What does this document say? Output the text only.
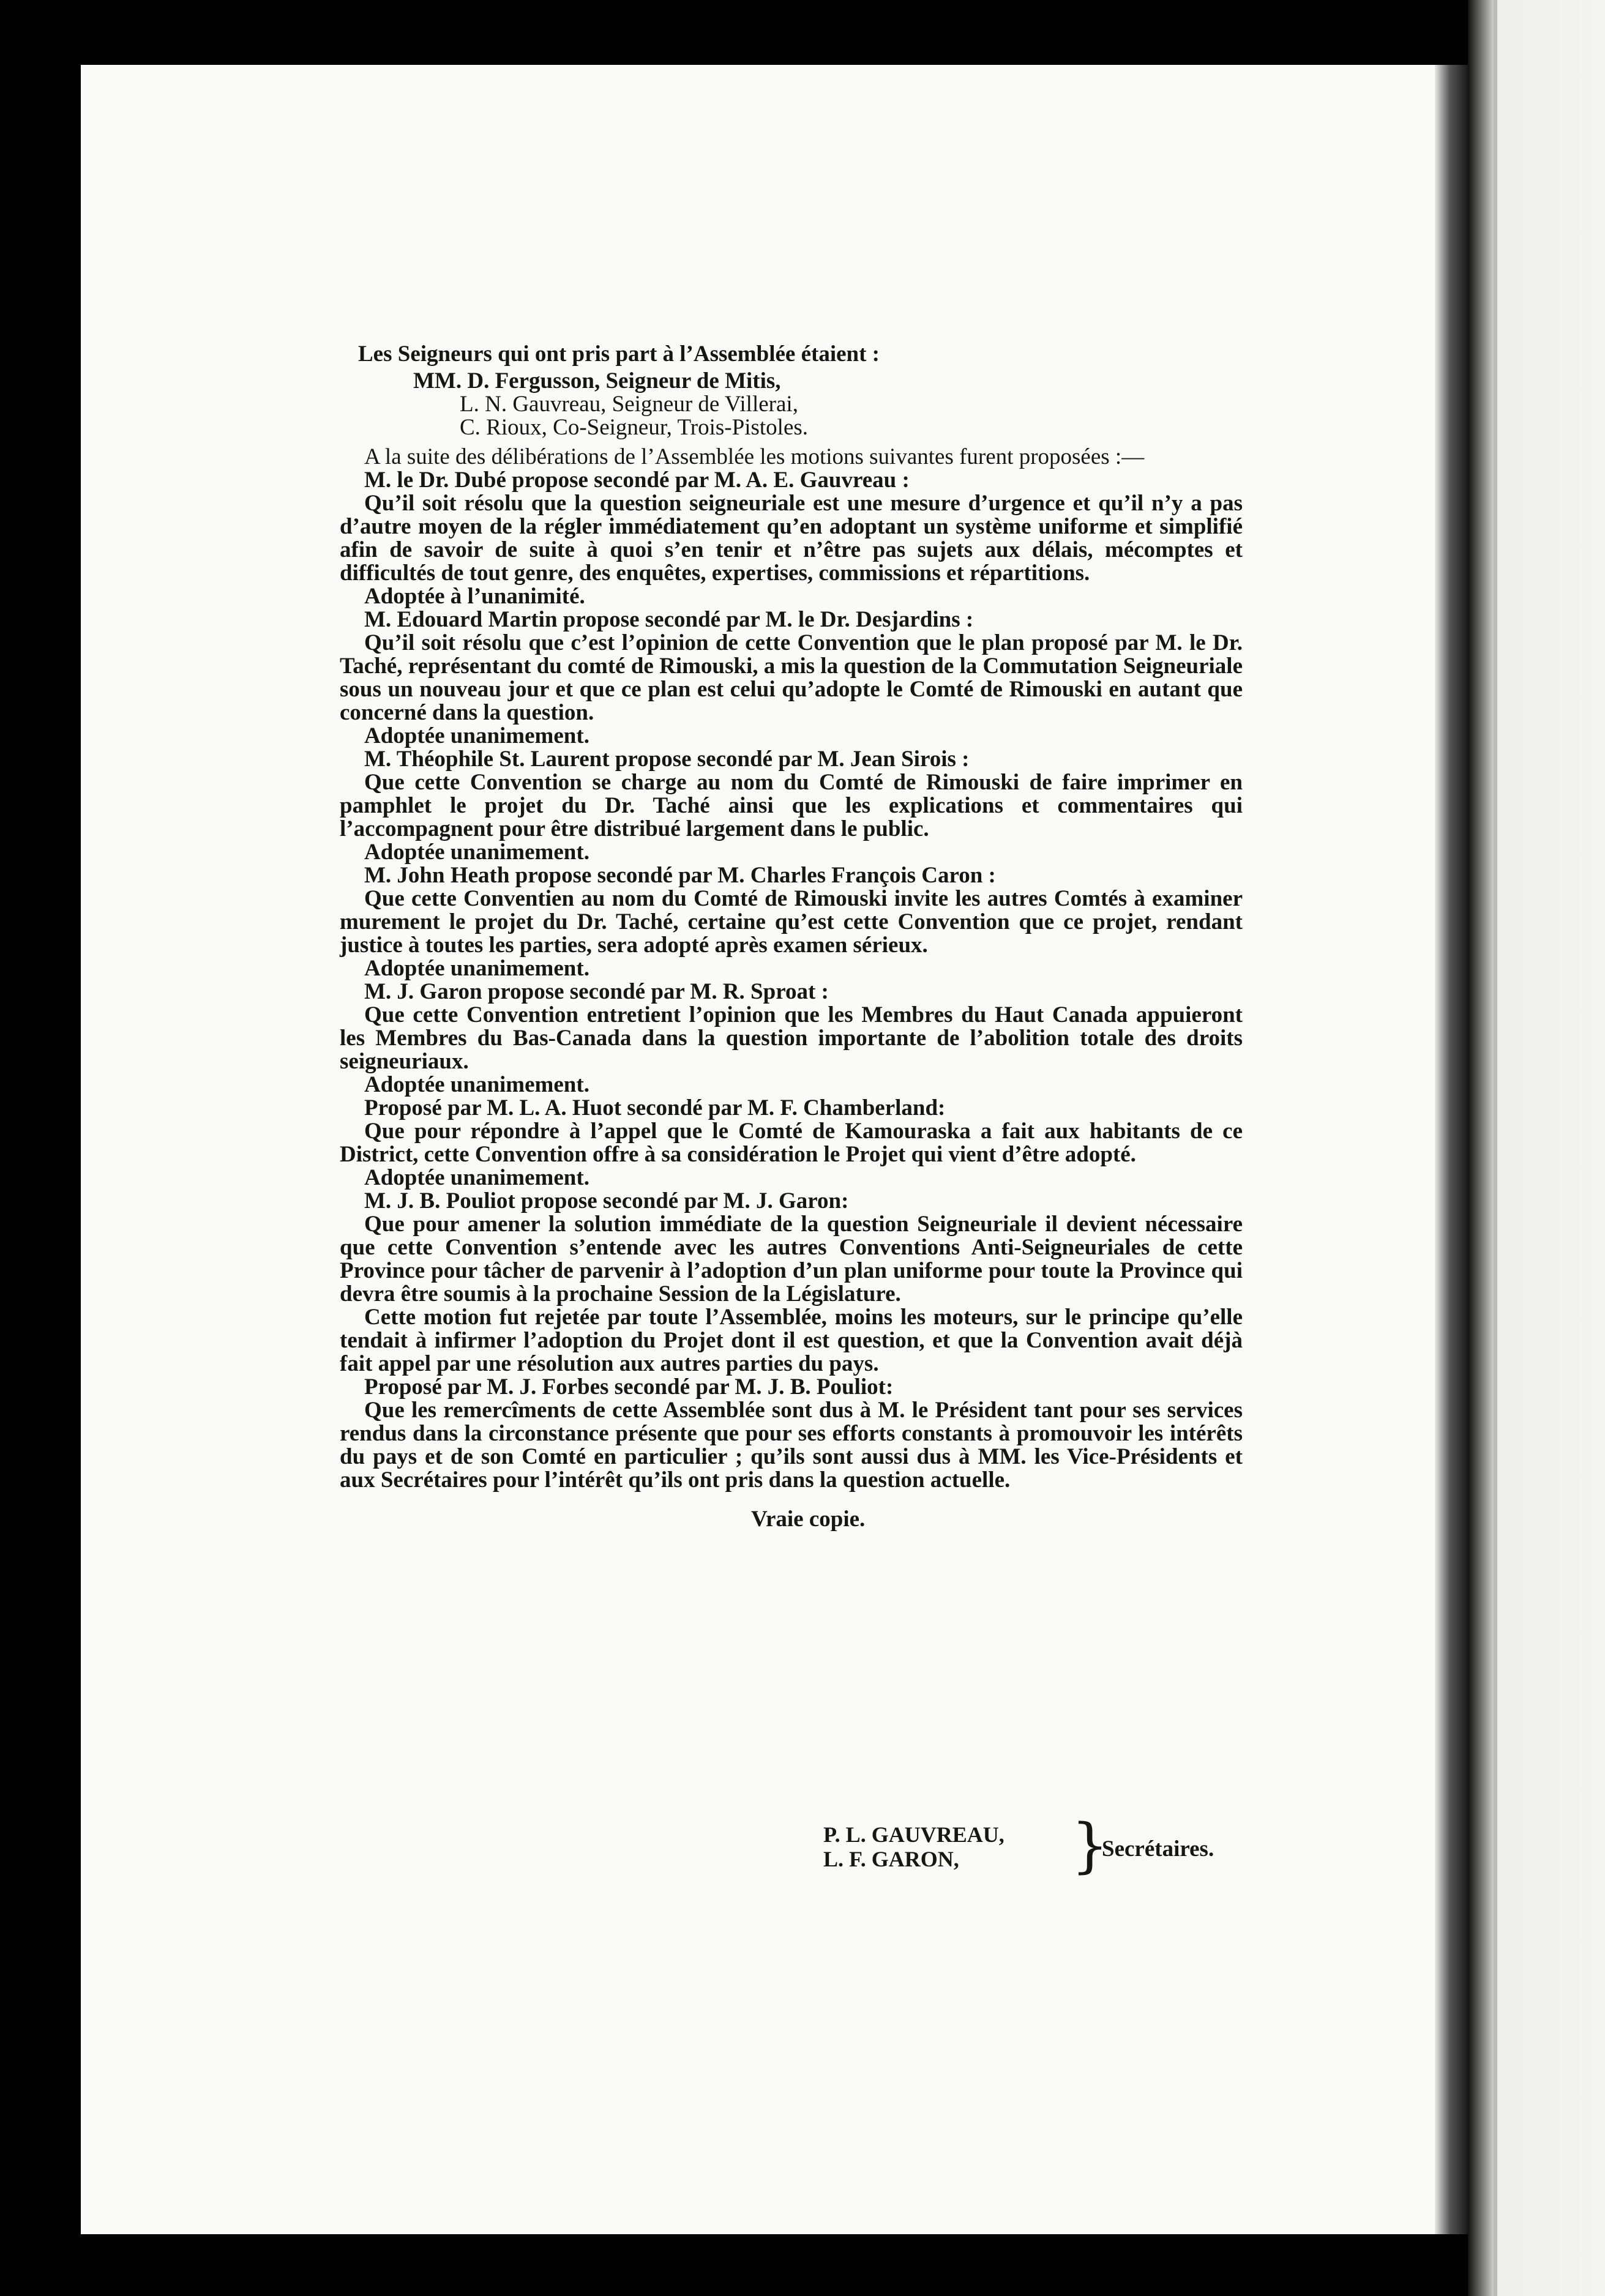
Les Seigneurs qui ont pris part à l’Assemblée étaient :

MM. D. Fergusson, Seigneur de Mitis,
L. N. Gauvreau, Seigneur de Villerai,
C. Rioux, Co-Seigneur, Trois-Pistoles.

A la suite des délibérations de l’Assemblée les motions suivantes furent proposées :—

M. le Dr. Dubé propose secondé par M. A. E. Gauvreau :

Qu’il soit résolu que la question seigneuriale est une mesure d’urgence et qu’il n’y a pas d’autre moyen de la régler immédiatement qu’en adoptant un système uniforme et simplifié afin de savoir de suite à quoi s’en tenir et n’être pas sujets aux délais, mécomptes et difficultés de tout genre, des enquêtes, expertises, commissions et répartitions.

Adoptée à l’unanimité.

M. Edouard Martin propose secondé par M. le Dr. Desjardins :

Qu’il soit résolu que c’est l’opinion de cette Convention que le plan proposé par M. le Dr. Taché, représentant du comté de Rimouski, a mis la question de la Commutation Seigneuriale sous un nouveau jour et que ce plan est celui qu’adopte le Comté de Rimouski en autant que concerné dans la question.

Adoptée unanimement.

M. Théophile St. Laurent propose secondé par M. Jean Sirois :

Que cette Convention se charge au nom du Comté de Rimouski de faire imprimer en pamphlet le projet du Dr. Taché ainsi que les explications et commentaires qui l’accompagnent pour être distribué largement dans le public.

Adoptée unanimement.

M. John Heath propose secondé par M. Charles François Caron :

Que cette Conventien au nom du Comté de Rimouski invite les autres Comtés à examiner murement le projet du Dr. Taché, certaine qu’est cette Convention que ce projet, rendant justice à toutes les parties, sera adopté après examen sérieux.

Adoptée unanimement.

M. J. Garon propose secondé par M. R. Sproat :

Que cette Convention entretient l’opinion que les Membres du Haut Canada appuieront les Membres du Bas-Canada dans la question importante de l’abolition totale des droits seigneuriaux.

Adoptée unanimement.

Proposé par M. L. A. Huot secondé par M. F. Chamberland:

Que pour répondre à l’appel que le Comté de Kamouraska a fait aux habitants de ce District, cette Convention offre à sa considération le Projet qui vient d’être adopté.

Adoptée unanimement.

M. J. B. Pouliot propose secondé par M. J. Garon:

Que pour amener la solution immédiate de la question Seigneuriale il devient nécessaire que cette Convention s’entende avec les autres Conventions Anti-Seigneuriales de cette Province pour tâcher de parvenir à l’adoption d’un plan uniforme pour toute la Province qui devra être soumis à la prochaine Session de la Législature.

Cette motion fut rejetée par toute l’Assemblée, moins les moteurs, sur le principe qu’elle tendait à infirmer l’adoption du Projet dont il est question, et que la Convention avait déjà fait appel par une résolution aux autres parties du pays.

Proposé par M. J. Forbes secondé par M. J. B. Pouliot:

Que les remercîments de cette Assemblée sont dus à M. le Président tant pour ses services rendus dans la circonstance présente que pour ses efforts constants à promouvoir les intérêts du pays et de son Comté en particulier ; qu’ils sont aussi dus à MM. les Vice-Présidents et aux Secrétaires pour l’intérêt qu’ils ont pris dans la question actuelle.

Vraie copie.

P. L. GAUVREAU,
L. F. GARON,	}
Secrétaires.
